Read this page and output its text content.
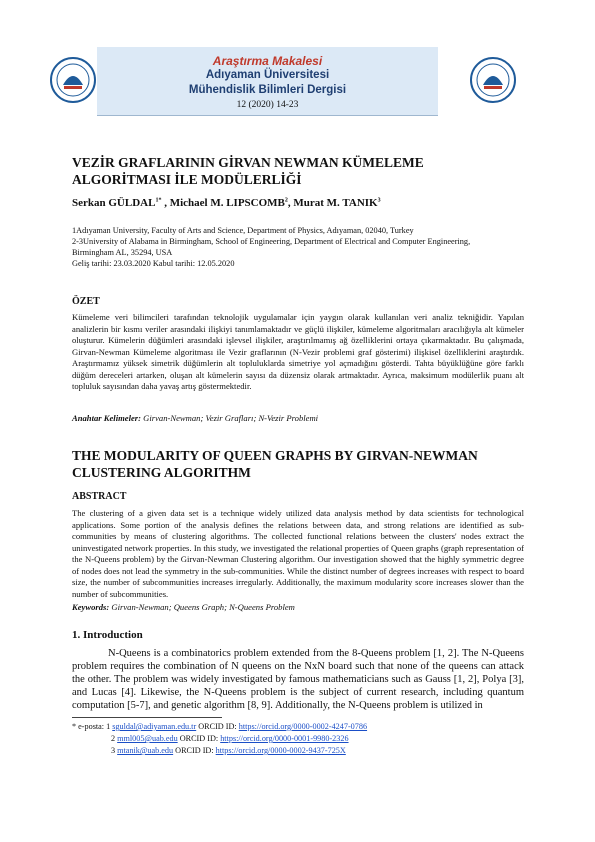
Araştırma Makalesi
Adıyaman Üniversitesi
Mühendislik Bilimleri Dergisi
12 (2020) 14-23
VEZİR GRAFLARININ GİRVAN NEWMAN KÜMELEME
ALGORİTMASI İLE MODÜLERLİĞİ
Serkan $GÜLDAL^{1*}$ , Michael M. LIPSCOMB$^2$, Murat M. TANIK$^3$
1Adıyaman University, Faculty of Arts and Science, Department of Physics, Adıyaman, 02040, Turkey
2-3University of Alabama in Birmingham, School of Engineering, Department of Electrical and Computer Engineering,
Birmingham AL, 35294, USA
Geliş tarihi: 23.03.2020 Kabul tarihi: 12.05.2020
ÖZET
Kümeleme veri bilimcileri tarafından teknolojik uygulamalar için yaygın olarak kullanılan veri analiz tekniğidir. Yapılan analizlerin bir kısmı veriler arasındaki ilişkiyi tanımlamaktadır ve güçlü ilişkiler, kümeleme algoritmaları aracılığıyla alt kümeler oluşturur. Kümelerin düğümleri arasındaki işlevsel ilişkiler, araştırılmamış ağ özelliklerini ortaya çıkarmaktadır. Bu çalışmada, Girvan-Newman Kümeleme algoritması ile Vezir graflarının (N-Vezir problemi graf gösterimi) ilişkisel özelliklerini araştırdık. Araştırmamız yüksek simetrik düğümlerin alt topluluklarda simetriye yol açmadığını gösterdi. Tahta büyüklüğüne göre farklı düğüm dereceleri artarken, oluşan alt kümelerin sayısı da düzensiz olarak artmaktadır. Ayrıca, maksimum modülerlik puanı alt topluluk sayısından daha yavaş artış göstermektedir.
Anahtar Kelimeler: Girvan-Newman; Vezir Grafları; N-Vezir Problemi
THE MODULARITY OF QUEEN GRAPHS BY GIRVAN-NEWMAN
CLUSTERING ALGORITHM
ABSTRACT
The clustering of a given data set is a technique widely utilized data analysis method by data scientists for technological applications. Some portion of the analysis defines the relations between data, and strong relations are identified as sub-communities by means of clustering algorithms. The collected functional relations between the clusters' nodes extract the uninvestigated network properties. In this study, we investigated the relational properties of Queen graphs (graph representation of the N-Queens problem) by the Girvan-Newman Clustering algorithm. Our investigation showed that the highly symmetric degree of nodes does not lead the symmetry in the sub-communities. While the distinct number of degrees increases with respect to board size, the number of subcommunities increases irregularly. Additionally, the maximum modularity score increases slower than the number of subcommunities.
Keywords: Girvan-Newman; Queens Graph; N-Queens Problem
1. Introduction
N-Queens is a combinatorics problem extended from the 8-Queens problem [1, 2]. The N-Queens problem requires the combination of N queens on the NxN board such that none of the queens can attack the other. The problem was widely investigated by famous mathematicians such as Gauss [1, 2], Polya [3], and Lucas [4]. Likewise, the N-Queens problem is the subject of current research, including quantum computation [5-7], and genetic algorithm [8, 9]. Additionally, the N-Queens problem is utilized in
* e-posta: 1 sguldal@adiyaman.edu.tr ORCID ID: https://orcid.org/0000-0002-4247-0786
2 mml005@uab.edu ORCID ID: https://orcid.org/0000-0001-9980-2326
3 mtanik@uab.edu ORCID ID: https://orcid.org/0000-0002-9437-725X
